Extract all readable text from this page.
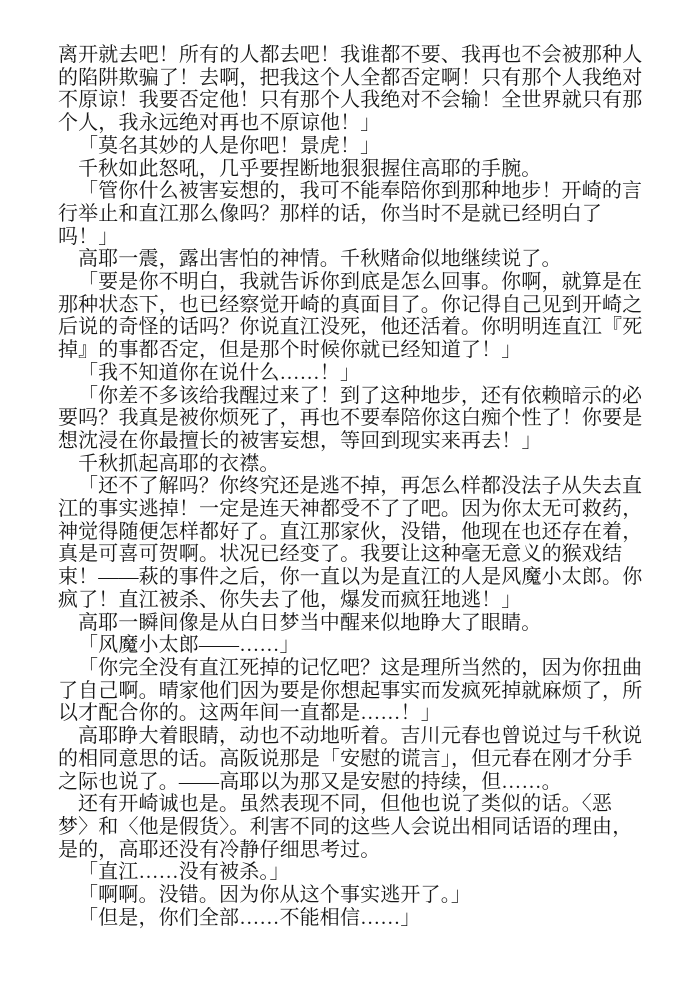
离开就去吧！所有的人都去吧！我谁都不要、我再也不会被那种人
的陷阱欺骗了！去啊，把我这个人全都否定啊！只有那个人我绝对
不原谅！我要否定他！只有那个人我绝对不会输！全世界就只有那
个人，我永远绝对再也不原谅他！」
「莫名其妙的人是你吧！景虎！」
千秋如此怒吼，几乎要捏断地狠狠握住高耶的手腕。
「管你什么被害妄想的，我可不能奉陪你到那种地步！开崎的言
行举止和直江那么像吗？那样的话，你当时不是就已经明白了
吗！」
高耶一震，露出害怕的神情。千秋赌命似地继续说了。
「要是你不明白，我就告诉你到底是怎么回事。你啊，就算是在
那种状态下，也已经察觉开崎的真面目了。你记得自己见到开崎之
后说的奇怪的话吗？你说直江没死，他还活着。你明明连直江『死
掉』的事都否定，但是那个时候你就已经知道了！」
「我不知道你在说什么……！」
「你差不多该给我醒过来了！到了这种地步，还有依赖暗示的必
要吗？我真是被你烦死了，再也不要奉陪你这白痴个性了！你要是
想沈浸在你最擅长的被害妄想，等回到现实来再去！」
千秋抓起高耶的衣襟。
「还不了解吗？你终究还是逃不掉，再怎么样都没法子从失去直
江的事实逃掉！一定是连天神都受不了了吧。因为你太无可救药，
神觉得随便怎样都好了。直江那家伙，没错，他现在也还存在着，
真是可喜可贺啊。状况已经变了。我要让这种毫无意义的猴戏结
束！——萩的事件之后，你一直以为是直江的人是风魔小太郎。你
疯了！直江被杀、你失去了他，爆发而疯狂地逃！」
高耶一瞬间像是从白日梦当中醒来似地睁大了眼睛。
「风魔小太郎——……」
「你完全没有直江死掉的记忆吧？这是理所当然的，因为你扭曲
了自己啊。晴家他们因为要是你想起事实而发疯死掉就麻烦了，所
以才配合你的。这两年间一直都是……！」
高耶睁大着眼睛，动也不动地听着。吉川元春也曾说过与千秋说
的相同意思的话。高阪说那是「安慰的谎言」，但元春在刚才分手
之际也说了。——高耶以为那又是安慰的持续，但……。
还有开崎诚也是。虽然表现不同，但他也说了类似的话。〈恶
梦〉和〈他是假货〉。利害不同的这些人会说出相同话语的理由，
是的，高耶还没有冷静仔细思考过。
「直江……没有被杀。」
「啊啊。没错。因为你从这个事实逃开了。」
「但是，你们全部……不能相信……」
